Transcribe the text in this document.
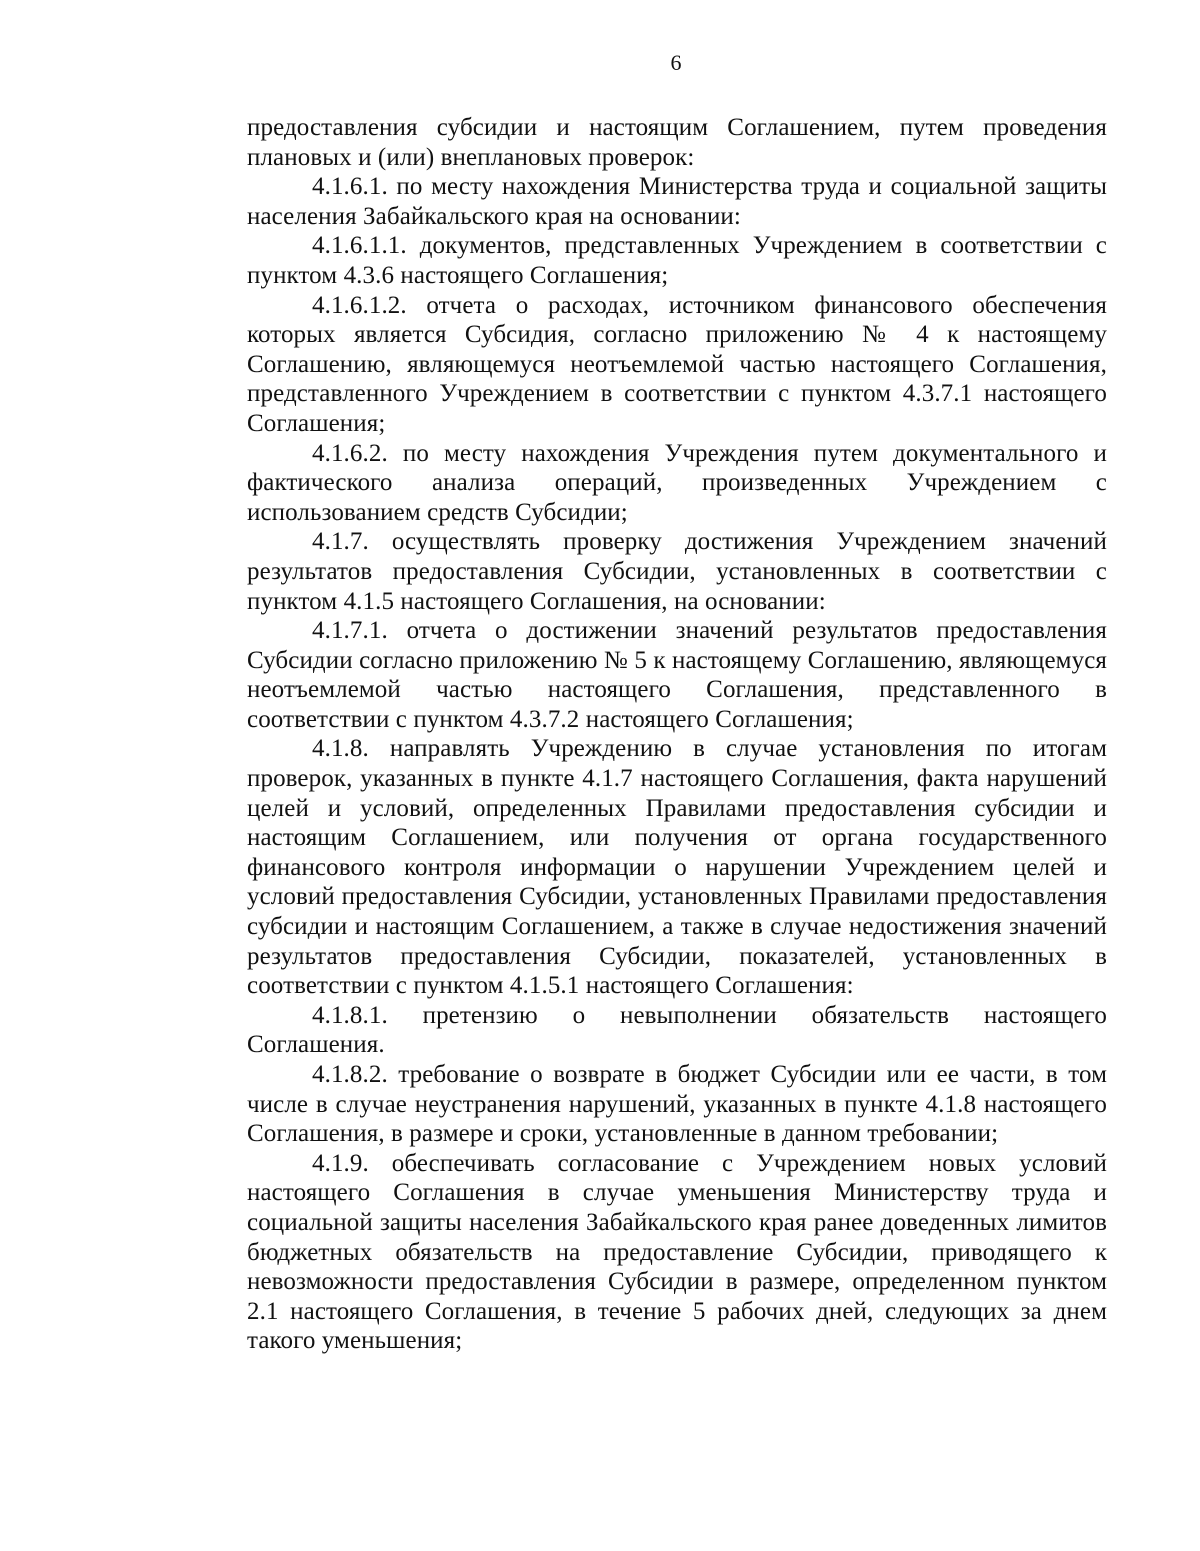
6

предоставления субсидии и настоящим Соглашением, путем проведения плановых и (или) внеплановых проверок:

4.1.6.1. по месту нахождения Министерства труда и социальной защиты населения Забайкальского края на основании:

4.1.6.1.1. документов, представленных Учреждением в соответствии с пунктом 4.3.6 настоящего Соглашения;

4.1.6.1.2. отчета о расходах, источником финансового обеспечения которых является Субсидия, согласно приложению № 4 к настоящему Соглашению, являющемуся неотъемлемой частью настоящего Соглашения, представленного Учреждением в соответствии с пунктом 4.3.7.1 настоящего Соглашения;

4.1.6.2. по месту нахождения Учреждения путем документального и фактического анализа операций, произведенных Учреждением с использованием средств Субсидии;

4.1.7. осуществлять проверку достижения Учреждением значений результатов предоставления Субсидии, установленных в соответствии с пунктом 4.1.5 настоящего Соглашения, на основании:

4.1.7.1. отчета о достижении значений результатов предоставления Субсидии согласно приложению № 5 к настоящему Соглашению, являющемуся неотъемлемой частью настоящего Соглашения, представленного в соответствии с пунктом 4.3.7.2 настоящего Соглашения;

4.1.8. направлять Учреждению в случае установления по итогам проверок, указанных в пункте 4.1.7 настоящего Соглашения, факта нарушений целей и условий, определенных Правилами предоставления субсидии и настоящим Соглашением, или получения от органа государственного финансового контроля информации о нарушении Учреждением целей и условий предоставления Субсидии, установленных Правилами предоставления субсидии и настоящим Соглашением, а также в случае недостижения значений результатов предоставления Субсидии, показателей, установленных в соответствии с пунктом 4.1.5.1 настоящего Соглашения:

4.1.8.1. претензию о невыполнении обязательств настоящего Соглашения.

4.1.8.2. требование о возврате в бюджет Субсидии или ее части, в том числе в случае неустранения нарушений, указанных в пункте 4.1.8 настоящего Соглашения, в размере и сроки, установленные в данном требовании;

4.1.9. обеспечивать согласование с Учреждением новых условий настоящего Соглашения в случае уменьшения Министерству труда и социальной защиты населения Забайкальского края ранее доведенных лимитов бюджетных обязательств на предоставление Субсидии, приводящего к невозможности предоставления Субсидии в размере, определенном пунктом 2.1 настоящего Соглашения, в течение 5 рабочих дней, следующих за днем такого уменьшения;
